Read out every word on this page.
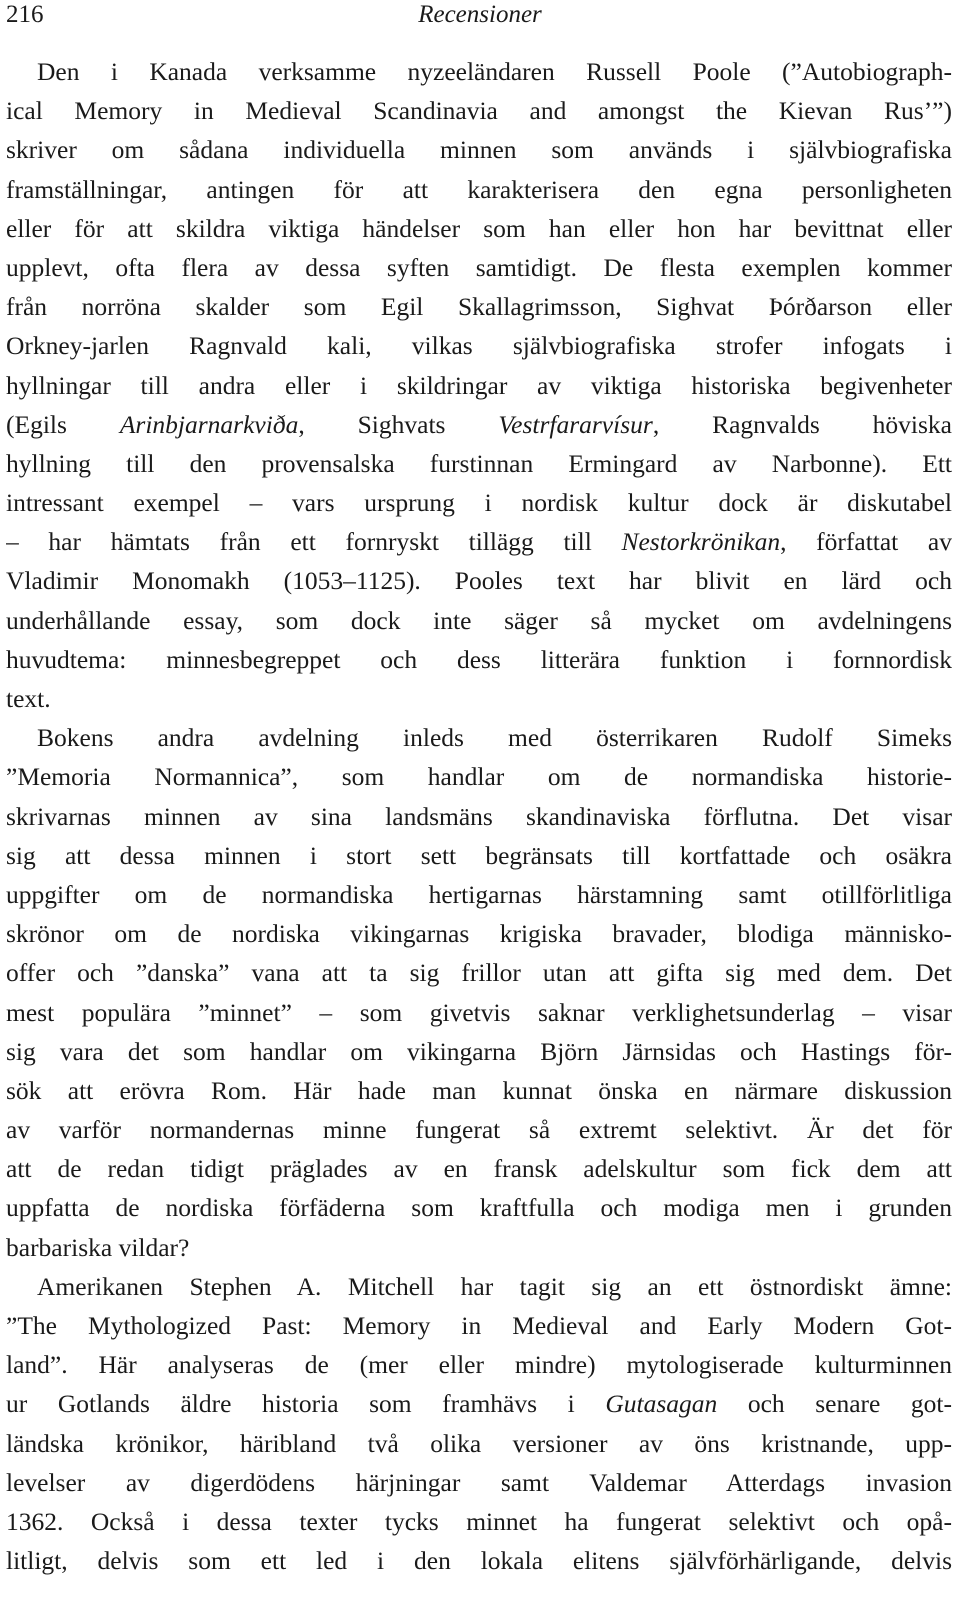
216	Recensioner
Den i Kanada verksamme nyzeeländaren Russell Poole (”Autobiograph-
ical Memory in Medieval Scandinavia and amongst the Kievan Rus’”)
skriver om sådana individuella minnen som används i självbiografiska
framställningar, antingen för att karakterisera den egna personligheten
eller för att skildra viktiga händelser som han eller hon har bevittnat eller
upplevt, ofta flera av dessa syften samtidigt. De flesta exemplen kommer
från norröna skalder som Egil Skallagrimsson, Sighvat Þórðarson eller
Orkney-jarlen Ragnvald kali, vilkas självbiografiska strofer infogats i
hyllningar till andra eller i skildringar av viktiga historiska begivenheter
(Egils Arinbjarnarkviða, Sighvats Vestrfararvísur, Ragnvalds höviska
hyllning till den provensalska furstinnan Ermingard av Narbonne). Ett
intressant exempel – vars ursprung i nordisk kultur dock är diskutabel
– har hämtats från ett fornryskt tillägg till Nestorkrönikan, författat av
Vladimir Monomakh (1053–1125). Pooles text har blivit en lärd och
underhållande essay, som dock inte säger så mycket om avdelningens
huvudtema: minnesbegreppet och dess litterära funktion i fornnordisk
text.
Bokens andra avdelning inleds med österrikaren Rudolf Simeks
”Memoria Normannica”, som handlar om de normandiska historie-
skrivarnas minnen av sina landsmäns skandinaviska förflutna. Det visar
sig att dessa minnen i stort sett begränsats till kortfattade och osäkra
uppgifter om de normandiska hertigarnas härstamning samt otillförlitliga
skrönor om de nordiska vikingarnas krigiska bravader, blodiga människo-
offer och ”danska” vana att ta sig frillor utan att gifta sig med dem. Det
mest populära ”minnet” – som givetvis saknar verklighetsunderlag – visar
sig vara det som handlar om vikingarna Björn Järnsidas och Hastings för-
sök att erövra Rom. Här hade man kunnat önska en närmare diskussion
av varför normandernas minne fungerat så extremt selektivt. Är det för
att de redan tidigt präglades av en fransk adelskultur som fick dem att
uppfatta de nordiska förfäderna som kraftfulla och modiga men i grunden
barbariska vildar?
Amerikanen Stephen A. Mitchell har tagit sig an ett östnordiskt ämne:
”The Mythologized Past: Memory in Medieval and Early Modern Got-
land”. Här analyseras de (mer eller mindre) mytologiserade kulturminnen
ur Gotlands äldre historia som framhävs i Gutasagan och senare got-
ländska krönikor, häribland två olika versioner av öns kristnande, upp-
levelser av digerdödens härjningar samt Valdemar Atterdags invasion
1362. Också i dessa texter tycks minnet ha fungerat selektivt och opå-
litligt, delvis som ett led i den lokala elitens självförhärligande, delvis
